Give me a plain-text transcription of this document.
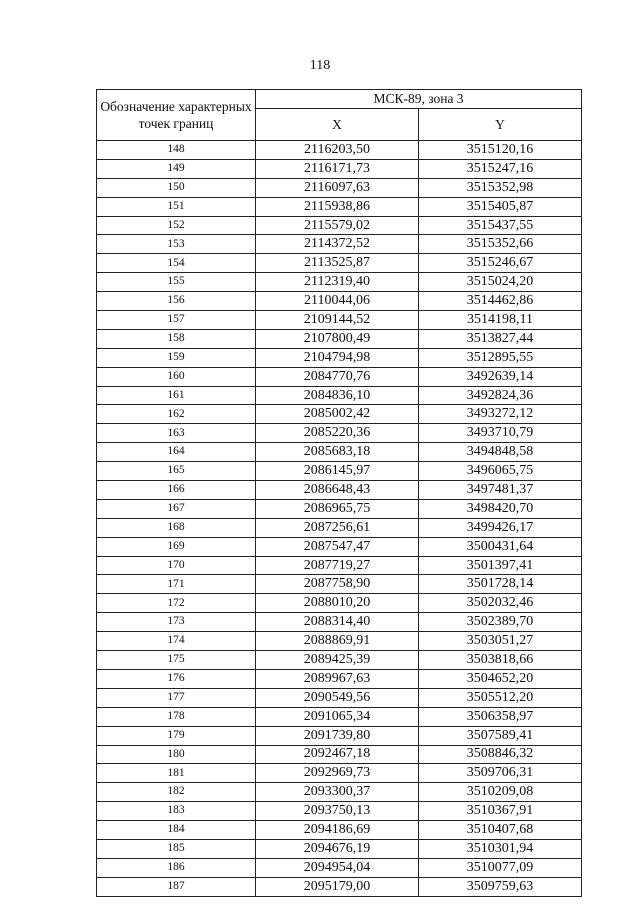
118
Обозначение характерных точек границ	МСК-89, зона 3	
	X	Y
148	2116203,50	3515120,16
149	2116171,73	3515247,16
150	2116097,63	3515352,98
151	2115938,86	3515405,87
152	2115579,02	3515437,55
153	2114372,52	3515352,66
154	2113525,87	3515246,67
155	2112319,40	3515024,20
156	2110044,06	3514462,86
157	2109144,52	3514198,11
158	2107800,49	3513827,44
159	2104794,98	3512895,55
160	2084770,76	3492639,14
161	2084836,10	3492824,36
162	2085002,42	3493272,12
163	2085220,36	3493710,79
164	2085683,18	3494848,58
165	2086145,97	3496065,75
166	2086648,43	3497481,37
167	2086965,75	3498420,70
168	2087256,61	3499426,17
169	2087547,47	3500431,64
170	2087719,27	3501397,41
171	2087758,90	3501728,14
172	2088010,20	3502032,46
173	2088314,40	3502389,70
174	2088869,91	3503051,27
175	2089425,39	3503818,66
176	2089967,63	3504652,20
177	2090549,56	3505512,20
178	2091065,34	3506358,97
179	2091739,80	3507589,41
180	2092467,18	3508846,32
181	2092969,73	3509706,31
182	2093300,37	3510209,08
183	2093750,13	3510367,91
184	2094186,69	3510407,68
185	2094676,19	3510301,94
186	2094954,04	3510077,09
187	2095179,00	3509759,63
